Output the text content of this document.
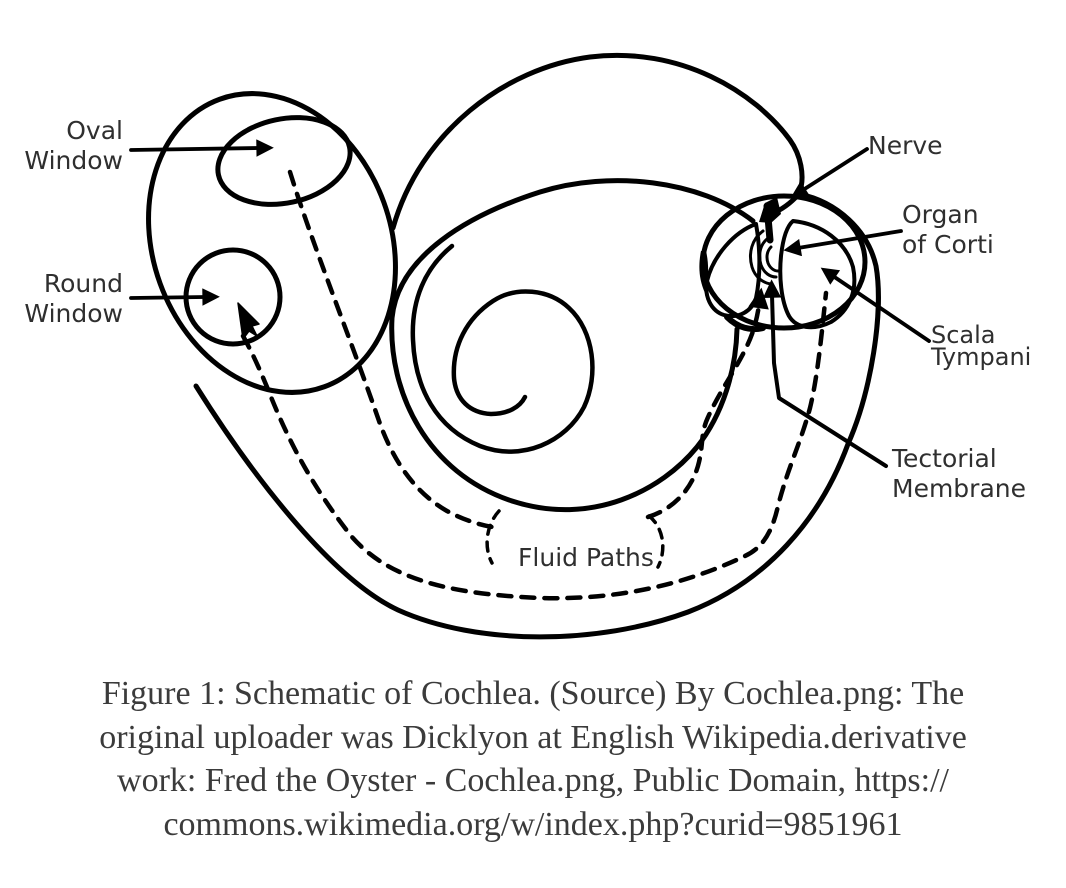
Oval
Window
Round
Window
Nerve
Organ
of Corti
Scala
Tympani
Tectorial
Membrane
Fluid Paths
Figure 1: Schematic of Cochlea. (Source) By Cochlea.png: The
original uploader was Dicklyon at English Wikipedia.derivative
work: Fred the Oyster - Cochlea.png, Public Domain, https://
commons.wikimedia.org/w/index.php?curid=9851961
